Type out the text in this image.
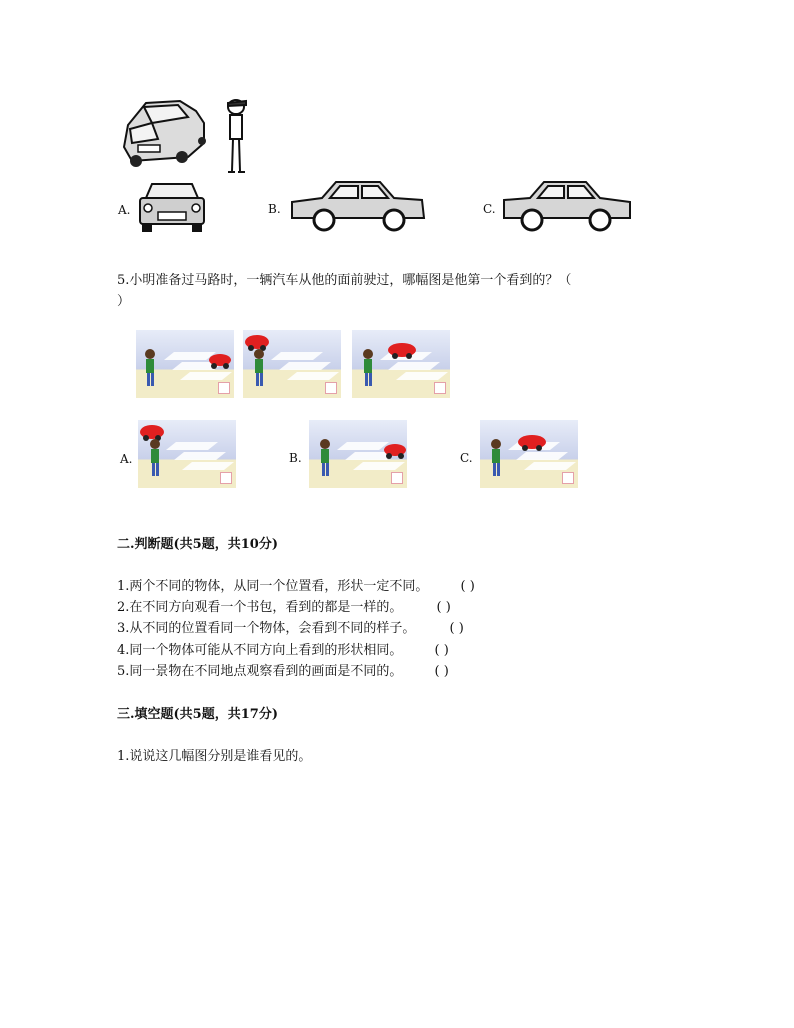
A.	B.	C.
5.小明准备过马路时，一辆汽车从他的面前驶过，哪幅图是他第一个看到的？（
）
A.	B.	C.
二.判断题(共5题，共10分)
1.两个不同的物体，从同一个位置看，形状一定不同。 ( )
2.在不同方向观看一个书包，看到的都是一样的。	( )
3.从不同的位置看同一个物体，会看到不同的样子。	( )
4.同一个物体可能从不同方向上看到的形状相同。 ( )
5.同一景物在不同地点观察看到的画面是不同的。 ( )
三.填空题(共5题，共17分)
1.说说这几幅图分别是谁看见的。
